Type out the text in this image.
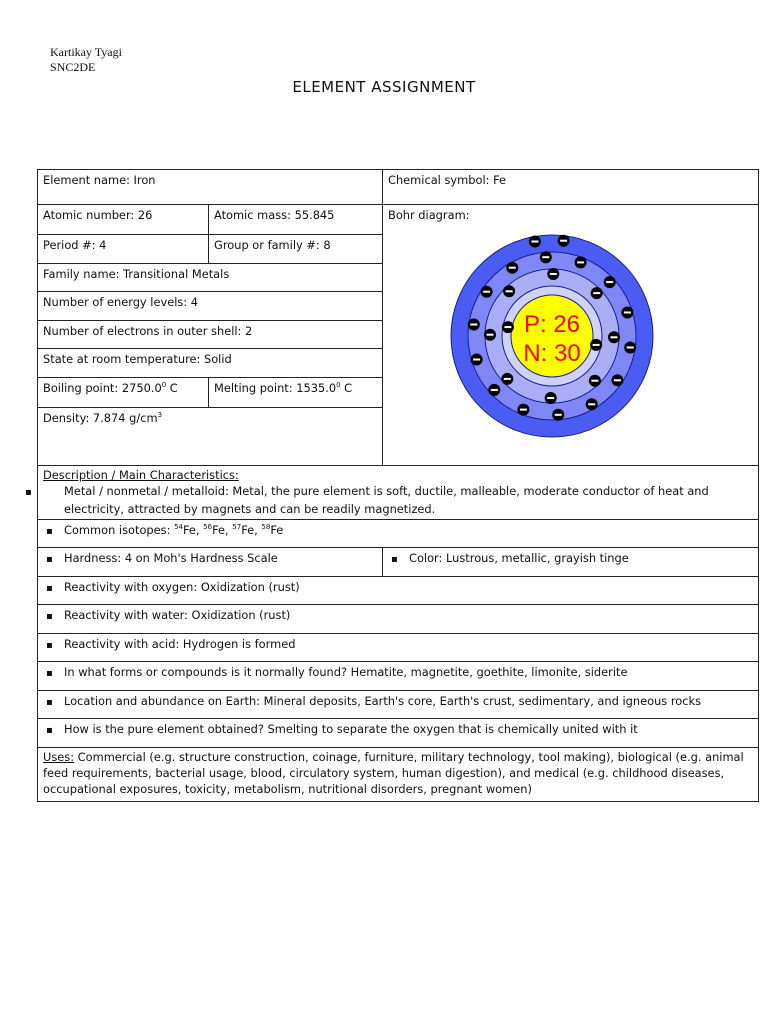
Kartikay Tyagi
SNC2DE
ELEMENT ASSIGNMENT
Element name: Iron		Chemical symbol: Fe
Atomic number: 26	Atomic mass: 55.845	Bohr diagram:
P: 26
N: 30

Period #: 4	Group or family #: 8	
Family name: Transitional Metals		
Number of energy levels: 4		
Number of electrons in outer shell: 2		
State at room temperature: Solid		
Boiling point: 2750.0$^0$ C	Melting point: 1535.0$^0$ C	
Density: 7.874 $g/cm^3$

Description / Main Characteristics:
▪ Metal / nonmetal / metalloid: Metal, the pure element is soft, ductile, malleable, moderate conductor of heat and electricity, attracted by magnets and can be readily magnetized.

▪ Common isotopes: $^{54}$Fe, $^{56}$Fe, $^{57}$Fe, $^{58}$Fe
▪ Hardness: 4 on Moh's Hardness Scale	▪Color: Lustrous, metallic, grayish tinge
▪ Reactivity with oxygen: Oxidization (rust)
▪ Reactivity with water: Oxidization (rust)
▪ Reactivity with acid: Hydrogen is formed
▪ In what forms or compounds is it normally found? Hematite, magnetite, goethite, limonite, siderite
▪ Location and abundance on Earth: Mineral deposits, Earth's core, Earth's crust, sedimentary, and igneous rocks
▪ How is the pure element obtained? Smelting to separate the oxygen that is chemically united with it
Uses: Commercial (e.g. structure construction, coinage, furniture, military technology, tool making), biological (e.g. animal feed requirements, bacterial usage, blood, circulatory system, human digestion), and medical (e.g. childhood diseases, occupational exposures, toxicity, metabolism, nutritional disorders, pregnant women)		
